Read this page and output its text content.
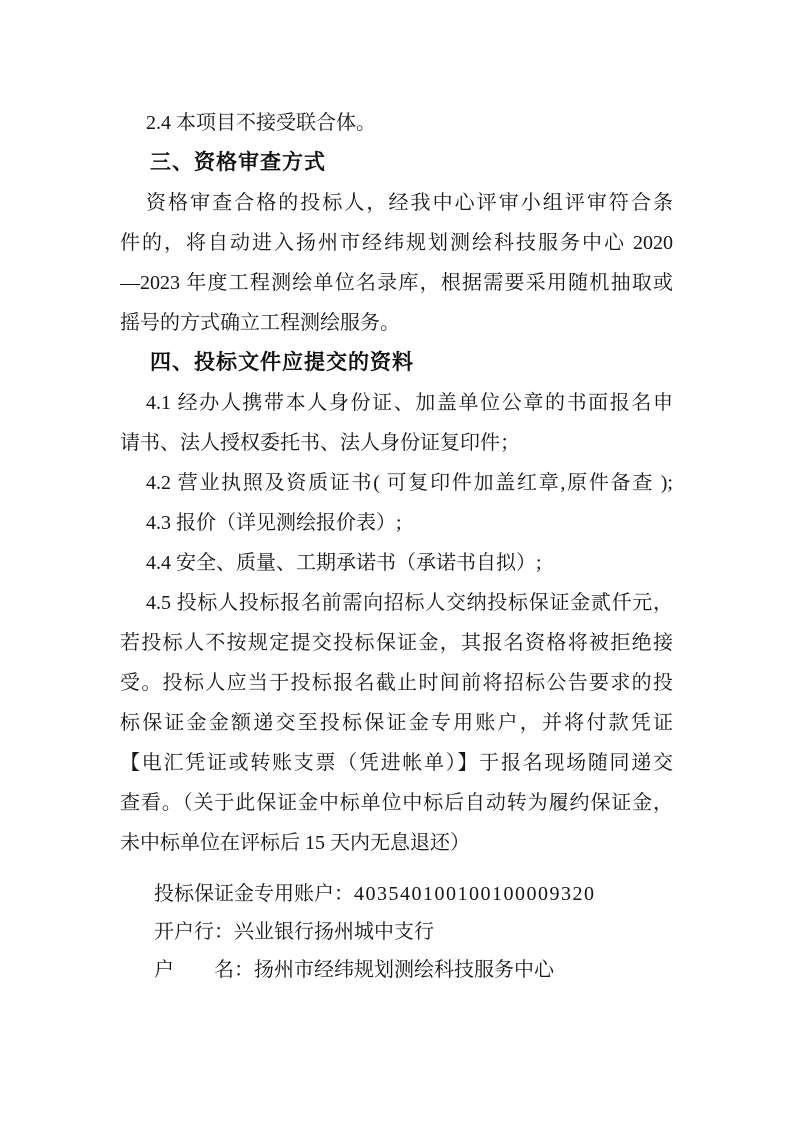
2.4 本项目不接受联合体。
三、资格审查方式
资格审查合格的投标人，经我中心评审小组评审符合条
件的，将自动进入扬州市经纬规划测绘科技服务中心 2020
—2023 年度工程测绘单位名录库，根据需要采用随机抽取或
摇号的方式确立工程测绘服务。
四、投标文件应提交的资料
4.1 经办人携带本人身份证、加盖单位公章的书面报名申
请书、法人授权委托书、法人身份证复印件；
4.2 营业执照及资质证书( 可复印件加盖红章,原件备查 );
4.3 报价（详见测绘报价表）;
4.4 安全、质量、工期承诺书（承诺书自拟）;
4.5 投标人投标报名前需向招标人交纳投标保证金贰仟元，
若投标人不按规定提交投标保证金，其报名资格将被拒绝接
受。投标人应当于投标报名截止时间前将招标公告要求的投
标保证金金额递交至投标保证金专用账户，并将付款凭证
【电汇凭证或转账支票（凭进帐单）】于报名现场随同递交
查看。（关于此保证金中标单位中标后自动转为履约保证金，
未中标单位在评标后 15 天内无息退还）
投标保证金专用账户：403540100100100009320
开户行：兴业银行扬州城中支行
户　　名：扬州市经纬规划测绘科技服务中心
